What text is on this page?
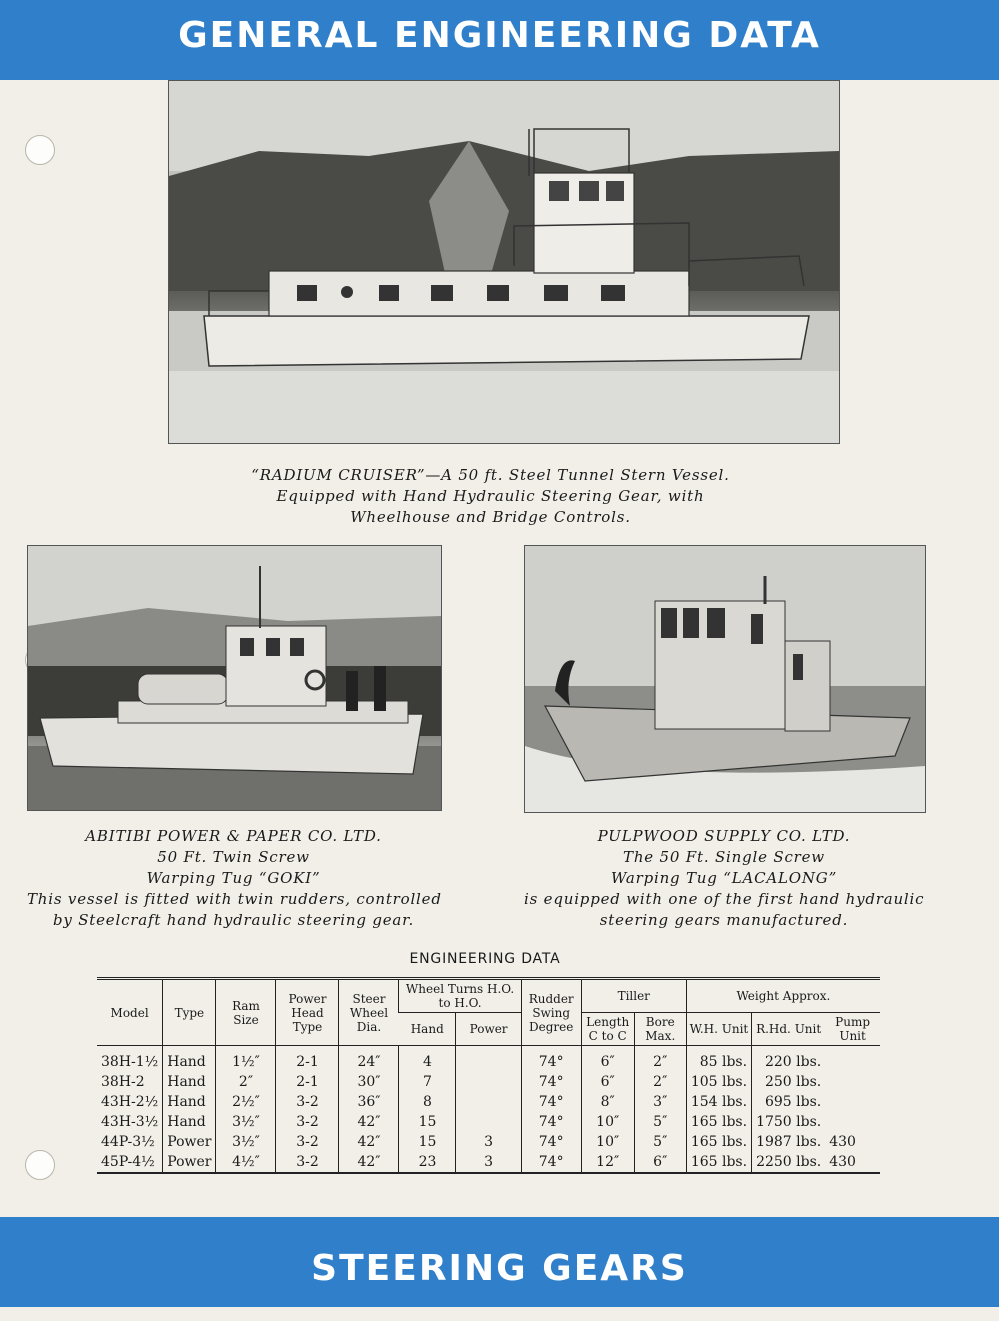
GENERAL ENGINEERING DATA
“RADIUM CRUISER”—A 50 ft. Steel Tunnel Stern Vessel.
Equipped with Hand Hydraulic Steering Gear, with
Wheelhouse and Bridge Controls.
ABITIBI POWER & PAPER CO. LTD.
50 Ft. Twin Screw
Warping Tug “GOKI”
This vessel is fitted with twin rudders, controlled
by Steelcraft hand hydraulic steering gear.
PULPWOOD SUPPLY CO. LTD.
The 50 Ft. Single Screw
Warping Tug “LACALONG”
is equipped with one of the first hand hydraulic
steering gears manufactured.
ENGINEERING DATA
Model	Type	Ram Size	Power Head Type	Steer Wheel Dia.	Wheel Turns H.O. to H.O.		Rudder Swing Degree	Tiller		Weight Approx.		
					Hand	Power		Length C to C	Bore Max.	W.H. Unit	R.Hd. Unit	Pump Unit
38H-1½	Hand	1½″	2-1	24″	4		74°	6″	2″	85 lbs.	220 lbs.	
38H-2	Hand	2″	2-1	30″	7		74°	6″	2″	105 lbs.	250 lbs.	
43H-2½	Hand	2½″	3-2	36″	8		74°	8″	3″	154 lbs.	695 lbs.	
43H-3½	Hand	3½″	3-2	42″	15		74°	10″	5″	165 lbs.	1750 lbs.	
44P-3½	Power	3½″	3-2	42″	15	3	74°	10″	5″	165 lbs.	1987 lbs.	430
45P-4½	Power	4½″	3-2	42″	23	3	74°	12″	6″	165 lbs.	2250 lbs.	430
STEERING GEARS
